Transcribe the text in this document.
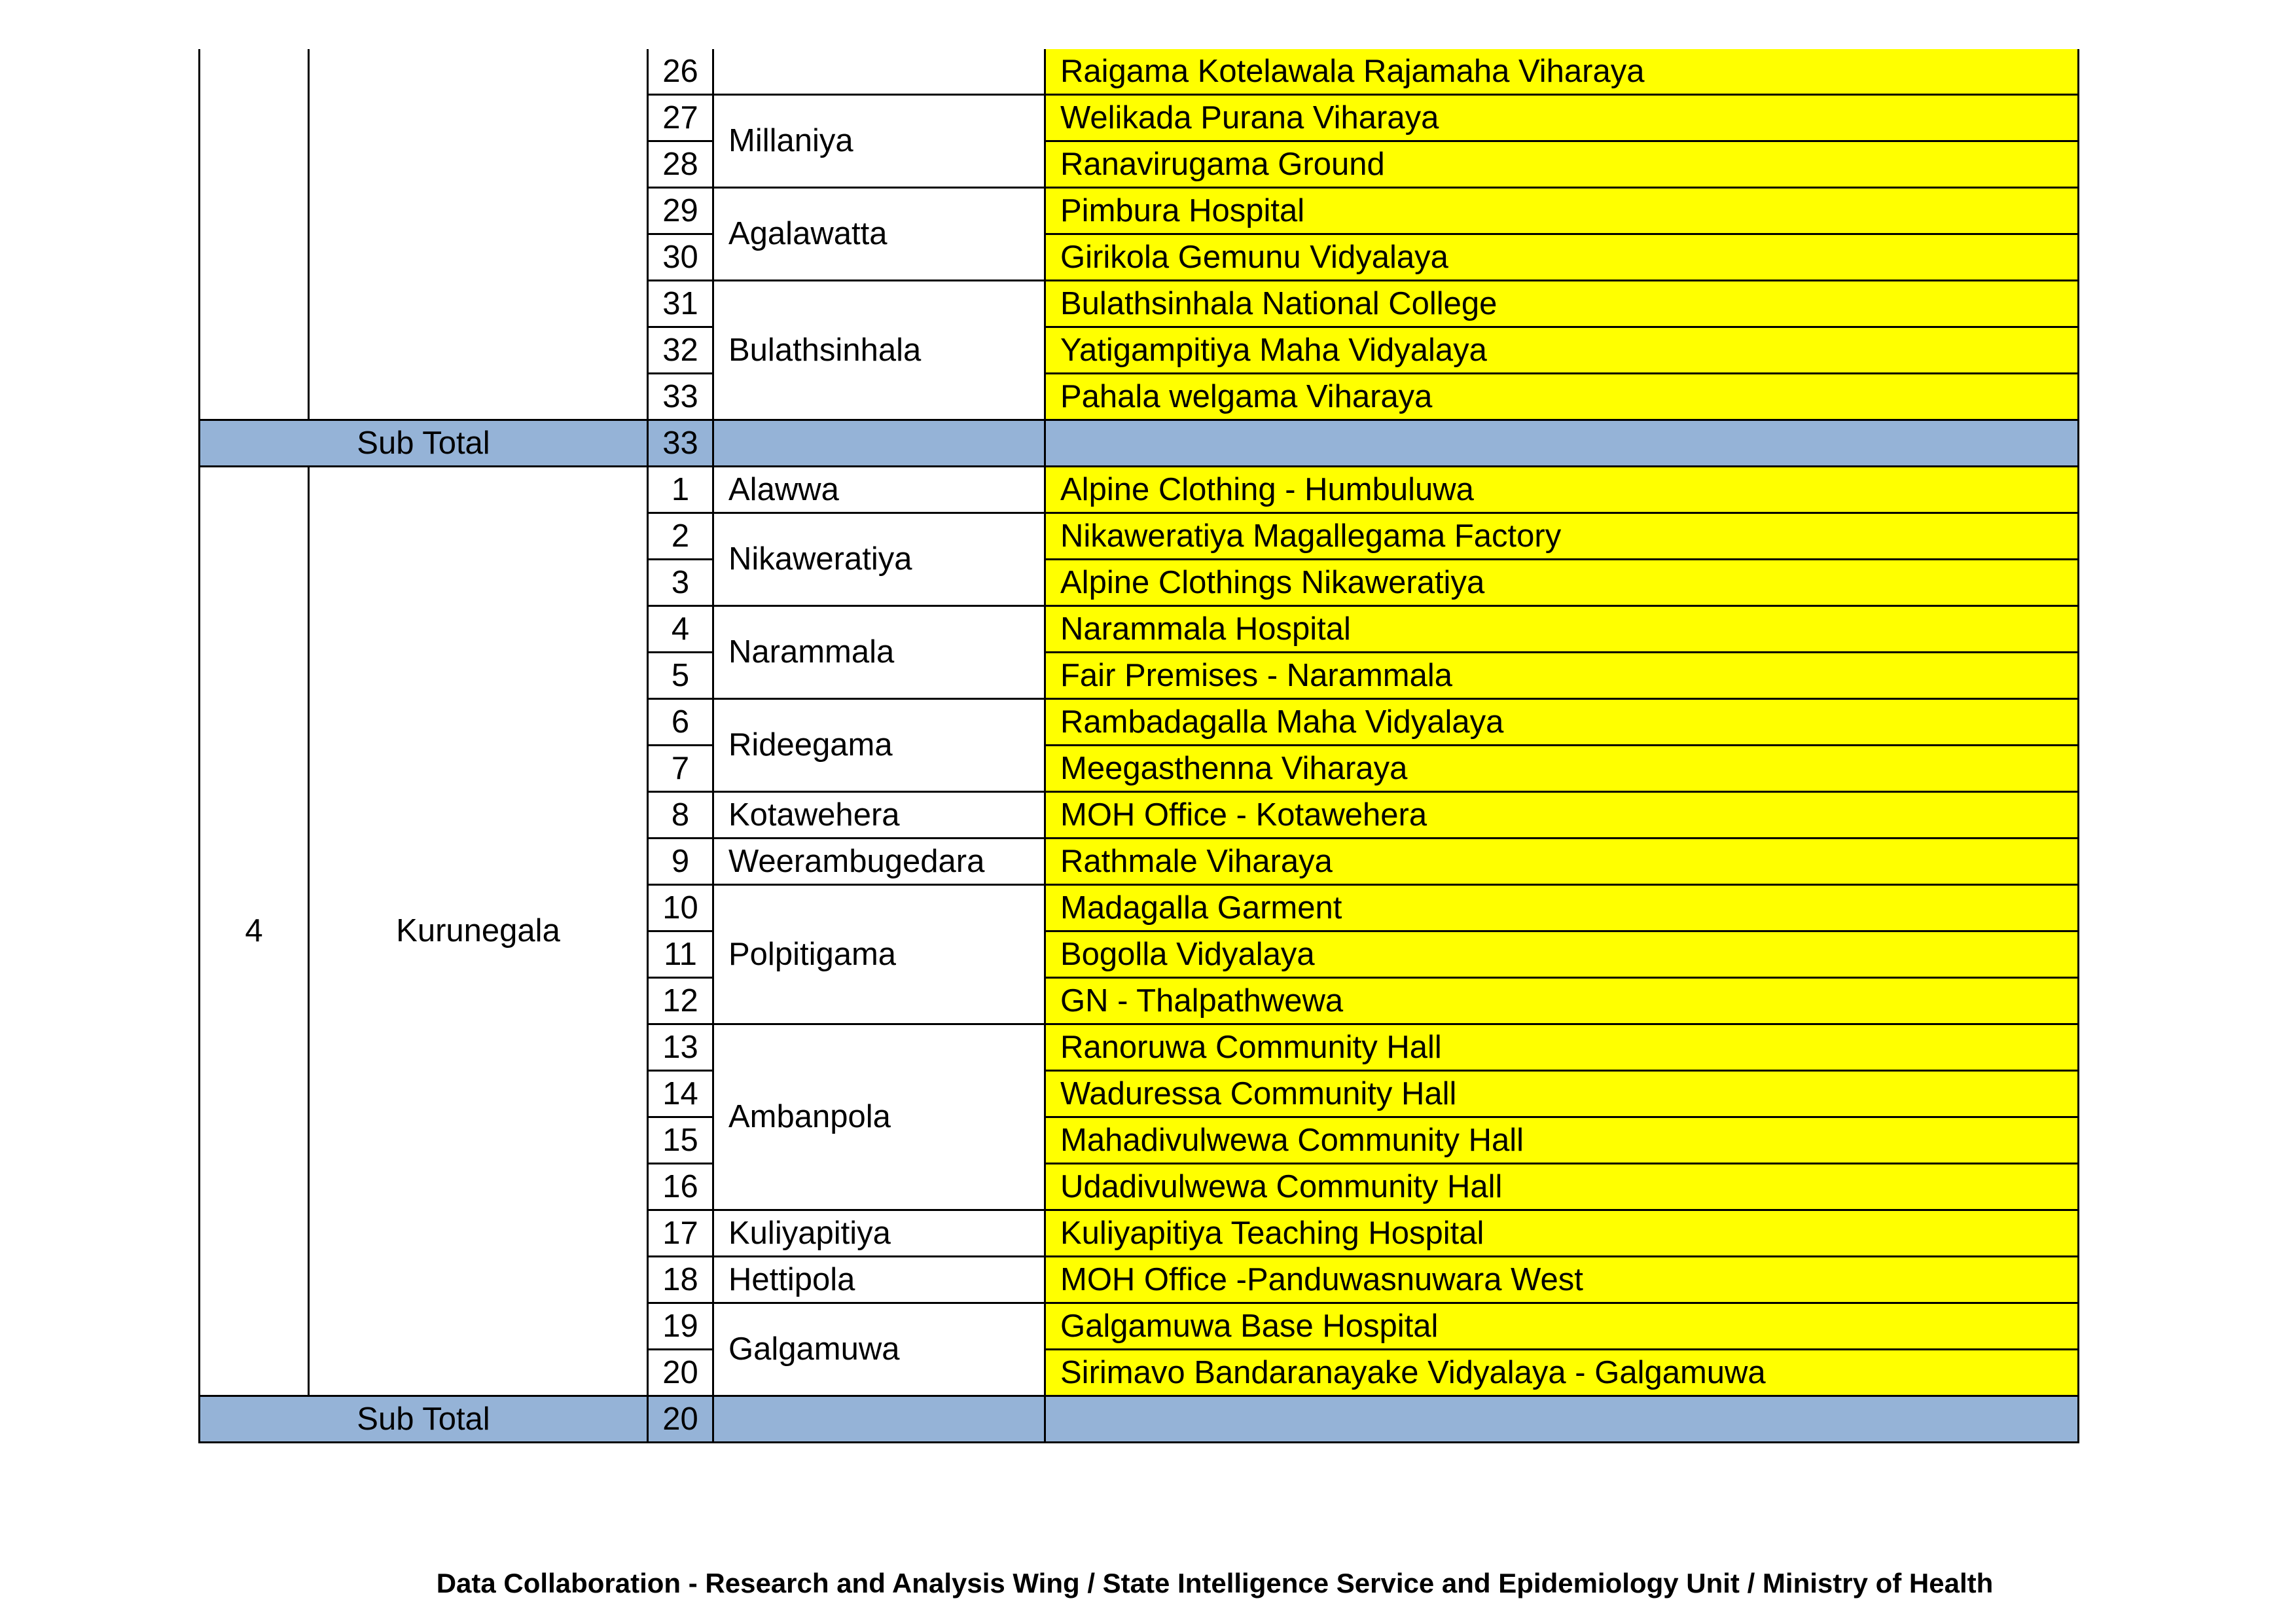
		26		Raigama Kotelawala Rajamaha Viharaya
		27	Millaniya	Welikada Purana Viharaya
		28		Ranavirugama Ground
		29	Agalawatta	Pimbura Hospital
		30		Girikola Gemunu Vidyalaya
		31	Bulathsinhala	Bulathsinhala National College
		32		Yatigampitiya Maha Vidyalaya
		33		Pahala welgama Viharaya
Sub Total		33		
4	Kurunegala	1	Alawwa	Alpine Clothing - Humbuluwa
		2	Nikaweratiya	Nikaweratiya Magallegama Factory
		3		Alpine Clothings Nikaweratiya
		4	Narammala	Narammala Hospital
		5		Fair Premises - Narammala
		6	Rideegama	Rambadagalla Maha Vidyalaya
		7		Meegasthenna Viharaya
		8	Kotawehera	MOH Office - Kotawehera
		9	Weerambugedara	Rathmale Viharaya
		10	Polpitigama	Madagalla Garment
		11		Bogolla Vidyalaya
		12		GN - Thalpathwewa
		13	Ambanpola	Ranoruwa Community Hall
		14		Waduressa Community Hall
		15		Mahadivulwewa Community Hall
		16		Udadivulwewa Community Hall
		17	Kuliyapitiya	Kuliyapitiya Teaching Hospital
		18	Hettipola	MOH Office -Panduwasnuwara West
		19	Galgamuwa	Galgamuwa Base Hospital
		20		Sirimavo Bandaranayake Vidyalaya - Galgamuwa
Sub Total		20		
Data Collaboration - Research and Analysis Wing / State Intelligence Service and Epidemiology Unit / Ministry of Health
